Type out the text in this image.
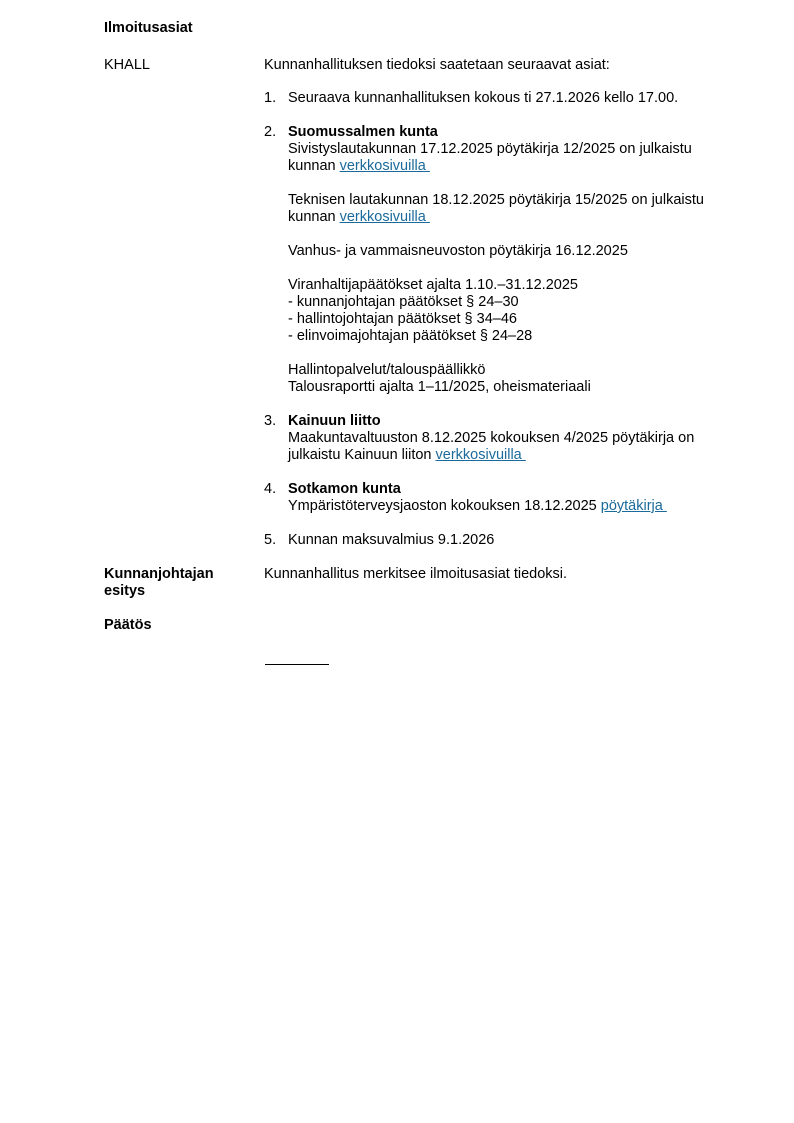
Ilmoitusasiat
KHALL	Kunnanhallituksen tiedoksi saatetaan seuraavat asiat:
1. Seuraava kunnanhallituksen kokous ti 27.1.2026 kello 17.00.
2. Suomussalmen kunta
Sivistyslautakunnan 17.12.2025 pöytäkirja 12/2025 on julkaistu
kunnan verkkosivuilla
Teknisen lautakunnan 18.12.2025 pöytäkirja 15/2025 on julkaistu
kunnan verkkosivuilla
Vanhus- ja vammaisneuvoston pöytäkirja 16.12.2025
Viranhaltijapäätökset ajalta 1.10.–31.12.2025
- kunnanjohtajan päätökset § 24–30
- hallintojohtajan päätökset § 34–46
- elinvoimajohtajan päätökset § 24–28
Hallintopalvelut/talouspäällikkö
Talousraportti ajalta 1–11/2025, oheismateriaali
3. Kainuun liitto
Maakuntavaltuuston 8.12.2025 kokouksen 4/2025 pöytäkirja on
julkaistu Kainuun liiton verkkosivuilla
4. Sotkamon kunta
Ympäristöterveysjaoston kokouksen 18.12.2025 pöytäkirja
5. Kunnan maksuvalmius 9.1.2026
Kunnanjohtajan
esitys
Kunnanhallitus merkitsee ilmoitusasiat tiedoksi.
Päätös
